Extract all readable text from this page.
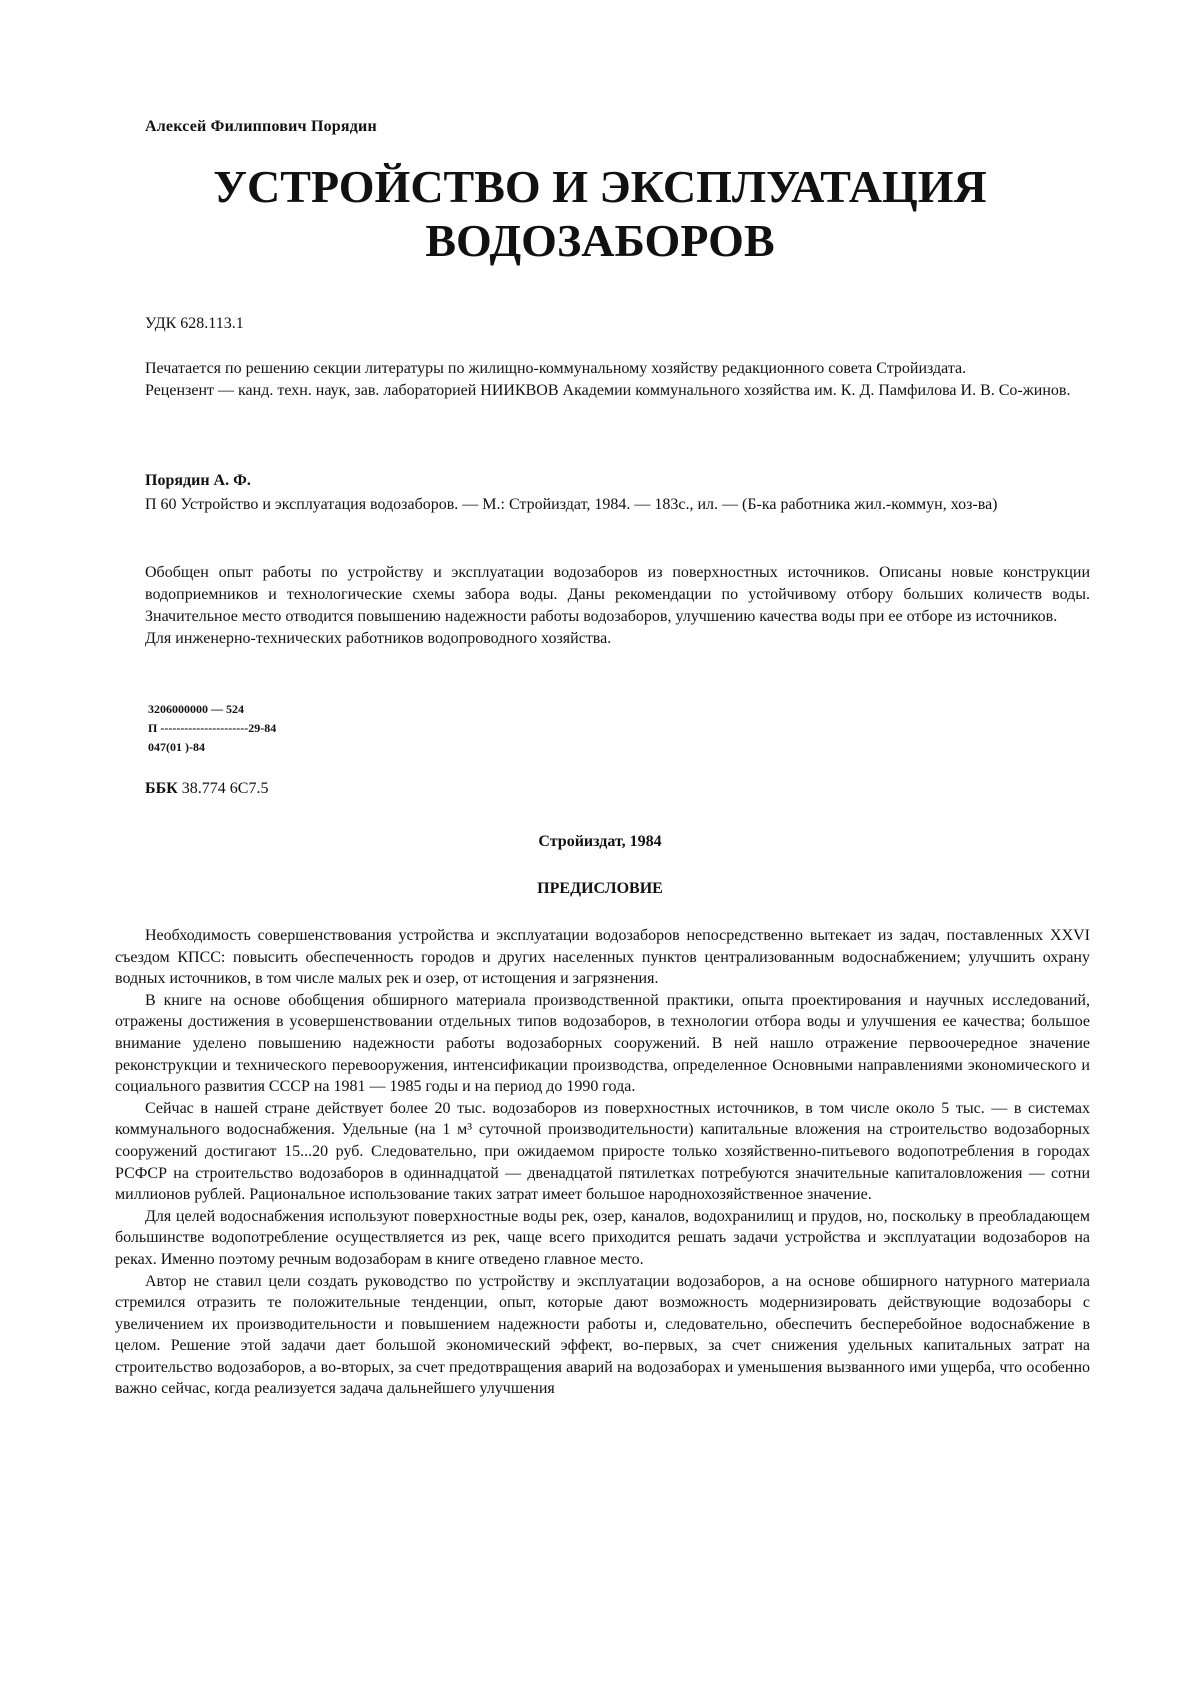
Алексей Филиппович Порядин
УСТРОЙСТВО И ЭКСПЛУАТАЦИЯ
ВОДОЗАБОРОВ
УДК 628.113.1

Печатается по решению секции литературы по жилищно-коммунальному хозяйству редакционного совета Стройиздата.

Рецензент — канд. техн. наук, зав. лабораторией НИИКВОВ Академии коммунального хозяйства им. К. Д. Памфилова И. В. Со-жинов.

Порядин А. Ф.
П 60 Устройство и эксплуатация водозаборов. — М.: Стройиздат, 1984. — 183с., ил. — (Б-ка работника жил.-коммун, хоз-ва)

Обобщен опыт работы по устройству и эксплуатации водозаборов из поверхностных источников. Описаны новые конструкции водоприемников и технологические схемы забора воды. Даны рекомендации по устойчивому отбору больших количеств воды. Значительное место отводится повышению надежности работы водозаборов, улучшению качества воды при ее отборе из источников.

Для инженерно-технических работников водопроводного хозяйства.

3206000000 — 524
П ----------------------29-84
047(01 )-84
ББК 38.774 6С7.5
Стройиздат, 1984
ПРЕДИСЛОВИЕ

Необходимость совершенствования устройства и эксплуатации водозаборов непосредственно вытекает из задач, поставленных XXVI съездом КПСС: повысить обеспеченность городов и других населенных пунктов централизованным водоснабжением; улучшить охрану водных источников, в том числе малых рек и озер, от истощения и загрязнения.

В книге на основе обобщения обширного материала производственной практики, опыта проектирования и научных исследований, отражены достижения в усовершенствовании отдельных типов водозаборов, в технологии отбора воды и улучшения ее качества; большое внимание уделено повышению надежности работы водозаборных сооружений. В ней нашло отражение первоочередное значение реконструкции и технического перевооружения, интенсификации производства, определенное Основными направлениями экономического и социального развития СССР на 1981 — 1985 годы и на период до 1990 года.

Сейчас в нашей стране действует более 20 тыс. водозаборов из поверхностных источников, в том числе около 5 тыс. — в системах коммунального водоснабжения. Удельные (на 1 м³ суточной производительности) капитальные вложения на строительство водозаборных сооружений достигают 15...20 руб. Следовательно, при ожидаемом приросте только хозяйственно-питьевого водопотребления в городах РСФСР на строительство водозаборов в одиннадцатой — двенадцатой пятилетках потребуются значительные капиталовложения — сотни миллионов рублей. Рациональное использование таких затрат имеет большое народнохозяйственное значение.

Для целей водоснабжения используют поверхностные воды рек, озер, каналов, водохранилищ и прудов, но, поскольку в преобладающем большинстве водопотребление осуществляется из рек, чаще всего приходится решать задачи устройства и эксплуатации водозаборов на реках. Именно поэтому речным водозаборам в книге отведено главное место.

Автор не ставил цели создать руководство по устройству и эксплуатации водозаборов, а на основе обширного натурного материала стремился отразить те положительные тенденции, опыт, которые дают возможность модернизировать действующие водозаборы с увеличением их производительности и повышением надежности работы и, следовательно, обеспечить бесперебойное водоснабжение в целом. Решение этой задачи дает большой экономический эффект, во-первых, за счет снижения удельных капитальных затрат на строительство водозаборов, а во-вторых, за счет предотвращения аварий на водозаборах и уменьшения вызванного ими ущерба, что особенно важно сейчас, когда реализуется задача дальнейшего улучшения
